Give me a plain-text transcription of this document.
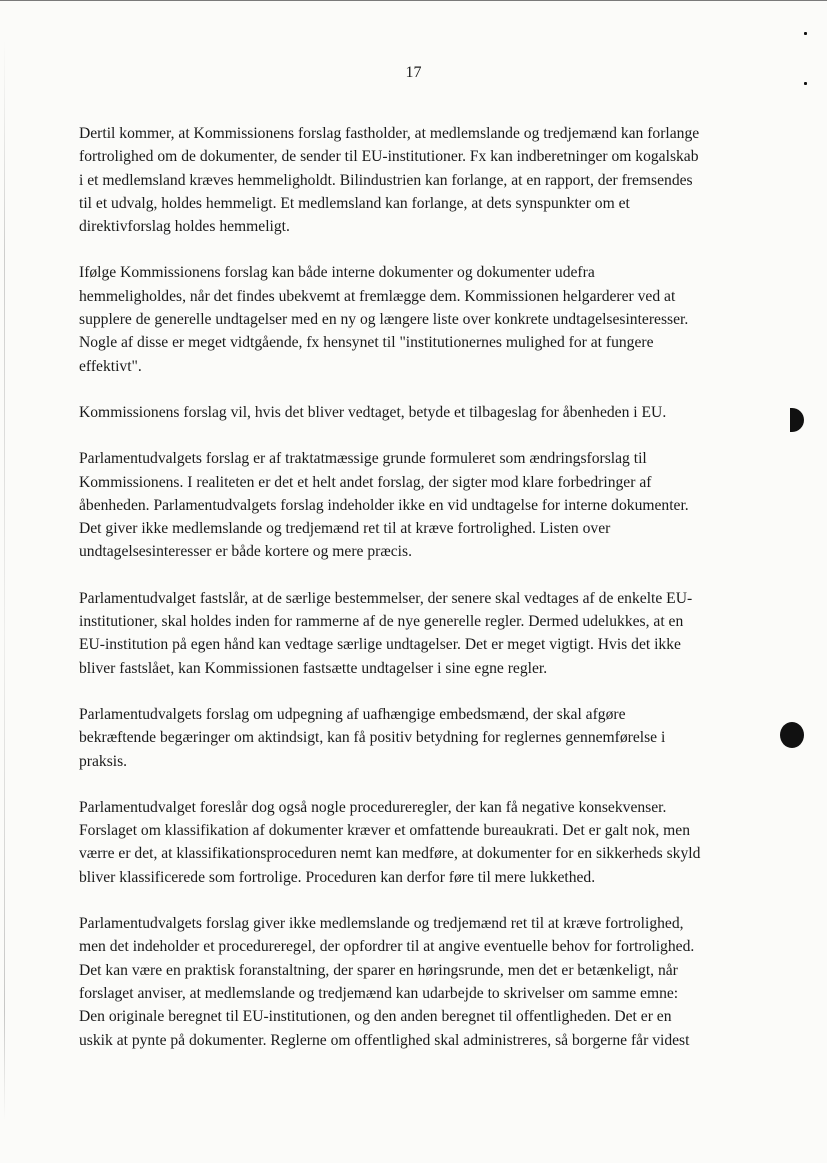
17

Dertil kommer, at Kommissionens forslag fastholder, at medlemslande og tredjemænd kan forlange
fortrolighed om de dokumenter, de sender til EU-institutioner. Fx kan indberetninger om kogalskab
i et medlemsland kræves hemmeligholdt. Bilindustrien kan forlange, at en rapport, der fremsendes
til et udvalg, holdes hemmeligt. Et medlemsland kan forlange, at dets synspunkter om et
direktivforslag holdes hemmeligt.

Ifølge Kommissionens forslag kan både interne dokumenter og dokumenter udefra
hemmeligholdes, når det findes ubekvemt at fremlægge dem. Kommissionen helgarderer ved at
supplere de generelle undtagelser med en ny og længere liste over konkrete undtagelsesinteresser.
Nogle af disse er meget vidtgående, fx hensynet til "institutionernes mulighed for at fungere
effektivt".

Kommissionens forslag vil, hvis det bliver vedtaget, betyde et tilbageslag for åbenheden i EU.

Parlamentudvalgets forslag er af traktatmæssige grunde formuleret som ændringsforslag til
Kommissionens. I realiteten er det et helt andet forslag, der sigter mod klare forbedringer af
åbenheden. Parlamentudvalgets forslag indeholder ikke en vid undtagelse for interne dokumenter.
Det giver ikke medlemslande og tredjemænd ret til at kræve fortrolighed. Listen over
undtagelsesinteresser er både kortere og mere præcis.

Parlamentudvalget fastslår, at de særlige bestemmelser, der senere skal vedtages af de enkelte EU-
institutioner, skal holdes inden for rammerne af de nye generelle regler. Dermed udelukkes, at en
EU-institution på egen hånd kan vedtage særlige undtagelser. Det er meget vigtigt. Hvis det ikke
bliver fastslået, kan Kommissionen fastsætte undtagelser i sine egne regler.

Parlamentudvalgets forslag om udpegning af uafhængige embedsmænd, der skal afgøre
bekræftende begæringer om aktindsigt, kan få positiv betydning for reglernes gennemførelse i
praksis.

Parlamentudvalget foreslår dog også nogle procedureregler, der kan få negative konsekvenser.
Forslaget om klassifikation af dokumenter kræver et omfattende bureaukrati. Det er galt nok, men
værre er det, at klassifikationsproceduren nemt kan medføre, at dokumenter for en sikkerheds skyld
bliver klassificerede som fortrolige. Proceduren kan derfor føre til mere lukkethed.

Parlamentudvalgets forslag giver ikke medlemslande og tredjemænd ret til at kræve fortrolighed,
men det indeholder et procedureregel, der opfordrer til at angive eventuelle behov for fortrolighed.
Det kan være en praktisk foranstaltning, der sparer en høringsrunde, men det er betænkeligt, når
forslaget anviser, at medlemslande og tredjemænd kan udarbejde to skrivelser om samme emne:
Den originale beregnet til EU-institutionen, og den anden beregnet til offentligheden. Det er en
uskik at pynte på dokumenter. Reglerne om offentlighed skal administreres, så borgerne får videst
